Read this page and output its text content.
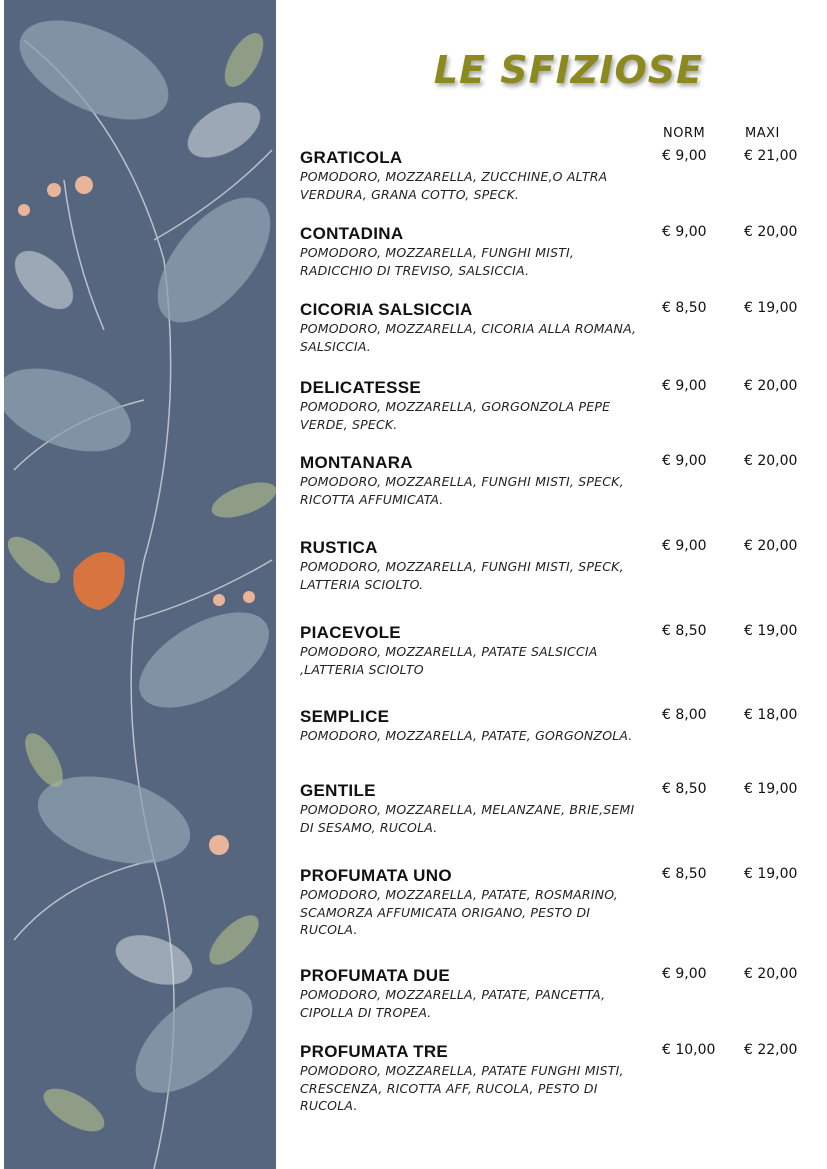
LE SFIZIOSE
NORM	MAXI
GRATICOLA
POMODORO, MOZZARELLA, ZUCCHINE,O ALTRA VERDURA, GRANA COTTO, SPECK.
€ 9,00	€ 21,00
CONTADINA
POMODORO, MOZZARELLA, FUNGHI MISTI, RADICCHIO DI TREVISO, SALSICCIA.
€ 9,00	€ 20,00
CICORIA SALSICCIA
POMODORO, MOZZARELLA, CICORIA ALLA ROMANA, SALSICCIA.
€ 8,50	€ 19,00
DELICATESSE
POMODORO, MOZZARELLA, GORGONZOLA PEPE VERDE, SPECK.
€ 9,00	€ 20,00
MONTANARA
POMODORO, MOZZARELLA, FUNGHI MISTI, SPECK, RICOTTA AFFUMICATA.
€ 9,00	€ 20,00
RUSTICA
POMODORO, MOZZARELLA, FUNGHI MISTI, SPECK, LATTERIA SCIOLTO.
€ 9,00	€ 20,00
PIACEVOLE
POMODORO, MOZZARELLA, PATATE SALSICCIA ,LATTERIA SCIOLTO
€ 8,50	€ 19,00
SEMPLICE
POMODORO, MOZZARELLA, PATATE, GORGONZOLA.
€ 8,00	€ 18,00
GENTILE
POMODORO, MOZZARELLA, MELANZANE, BRIE,SEMI DI SESAMO, RUCOLA.
€ 8,50	€ 19,00
PROFUMATA UNO
POMODORO, MOZZARELLA, PATATE, ROSMARINO, SCAMORZA AFFUMICATA ORIGANO, PESTO DI RUCOLA.
€ 8,50	€ 19,00
PROFUMATA DUE
POMODORO, MOZZARELLA, PATATE, PANCETTA, CIPOLLA DI TROPEA.
€ 9,00	€ 20,00
PROFUMATA TRE
POMODORO, MOZZARELLA, PATATE FUNGHI MISTI, CRESCENZA, RICOTTA AFF, RUCOLA, PESTO DI RUCOLA.
€ 10,00 € 22,00
